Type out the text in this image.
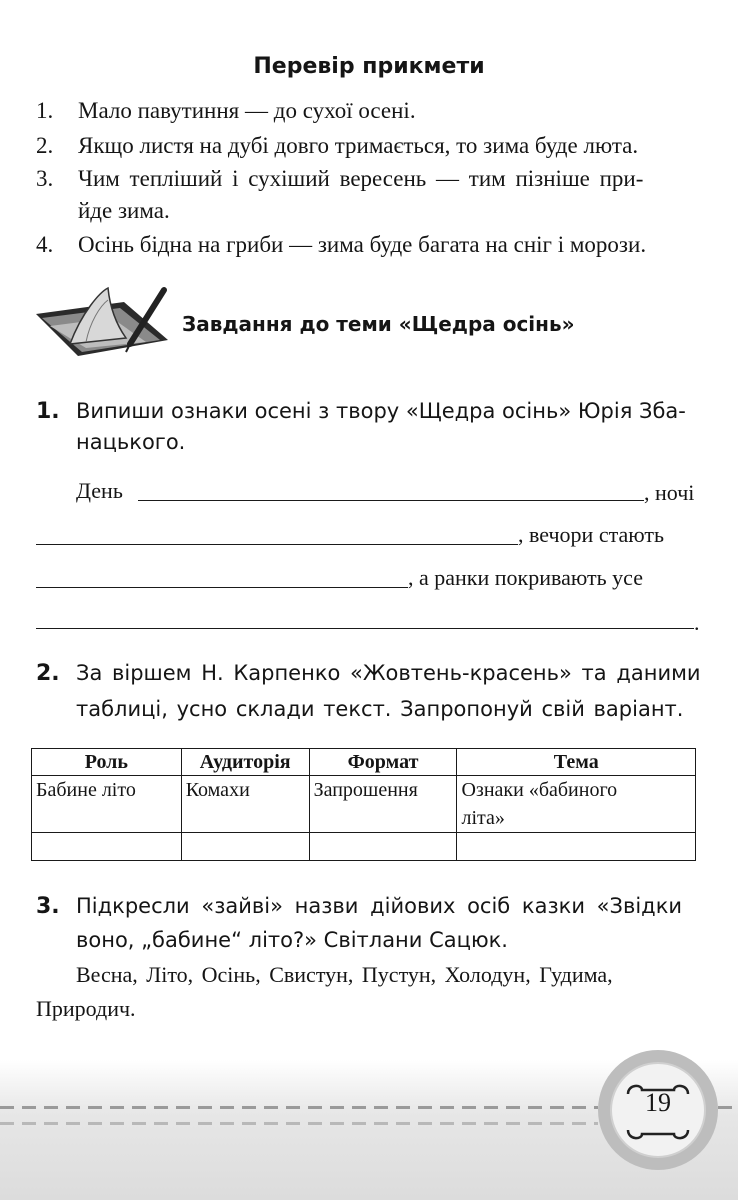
Перевір прикмети
1. Мало павутиння — до сухої осені.
2. Якщо листя на дубі довго тримається, то зима буде люта.
3. Чим тепліший і сухіший вересень — тим пізніше при-
йде зима.
4. Осінь бідна на гриби — зима буде багата на сніг і морози.
Завдання до теми «Щедра осінь»
1. Випиши ознаки осені з твору «Щедра осінь» Юрія Зба-
нацького.
День	, ночі
, вечори стають
, а ранки покривають усе
.
2. За віршем Н. Карпенко «Жовтень-красень» та даними
таблиці, усно склади текст. Запропонуй свій варіант.
Роль	Аудиторія	Формат	Тема
Бабине літо	Комахи	Запрошення	Ознаки «бабиного
літа»

3. Підкресли «зайві» назви дійових осіб казки «Звідки
воно, „бабине“ літо?» Світлани Сацюк.
Весна, Літо, Осінь, Свистун, Пустун, Холодун, Гудима,
Природич.
19
